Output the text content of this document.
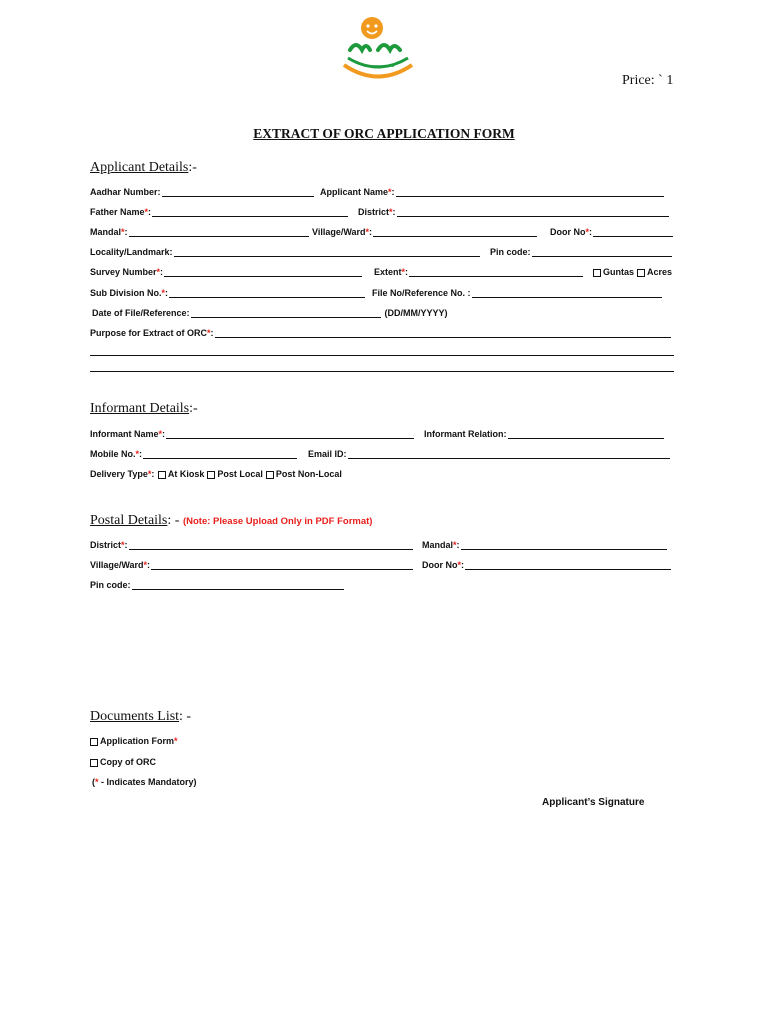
Price: ` 1
EXTRACT OF ORC APPLICATION FORM
Applicant Details:-
Aadhar Number:	Applicant Name * :
Father Name * :	District * :
Mandal * :	Village/Ward * :	Door No * :
Locality/Landmark:	Pin code:
Survey Number * :	Extent * :	Guntas Acres
Sub Division No. * :	File No/Reference No. :
Date of File/Reference:	(DD/MM/YYYY)
Purpose for Extract of ORC * :
Informant Details:-
Informant Name * :	Informant Relation:
Mobile No. * :	Email ID:
Delivery Type * : At Kiosk Post Local Post Non-Local
Postal Details: - (Note: Please Upload Only in PDF Format)
District * :	Mandal * :
Village/Ward * :	Door No * :
Pin code:
Documents List: -
Application Form *
Copy of ORC
( * - Indicates Mandatory)
Applicant’s Signature
